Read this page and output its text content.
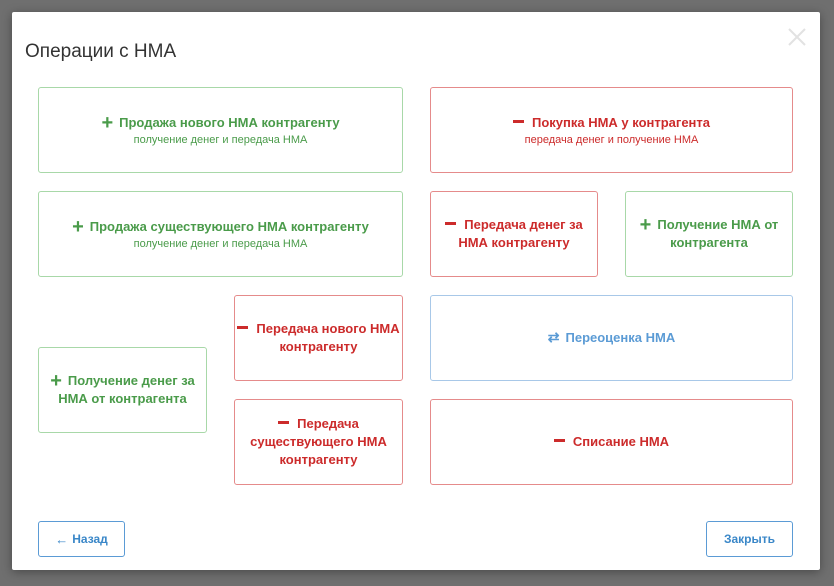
Операции с НМА
+ Продажа нового НМА контрагенту
получение денег и передача НМА
Покупка НМА у контрагента
передача денег и получение НМА
+ Продажа существующего НМА контрагенту
получение денег и передача НМА
Передача денег за
НМА контрагенту
+ Получение НМА от
контрагента
Передача нового НМА
контрагенту
⇄ Переоценка НМА
+ Получение денег за
НМА от контрагента
Передача
существующего НМА
контрагенту
Списание НМА
← Назад	Закрыть
